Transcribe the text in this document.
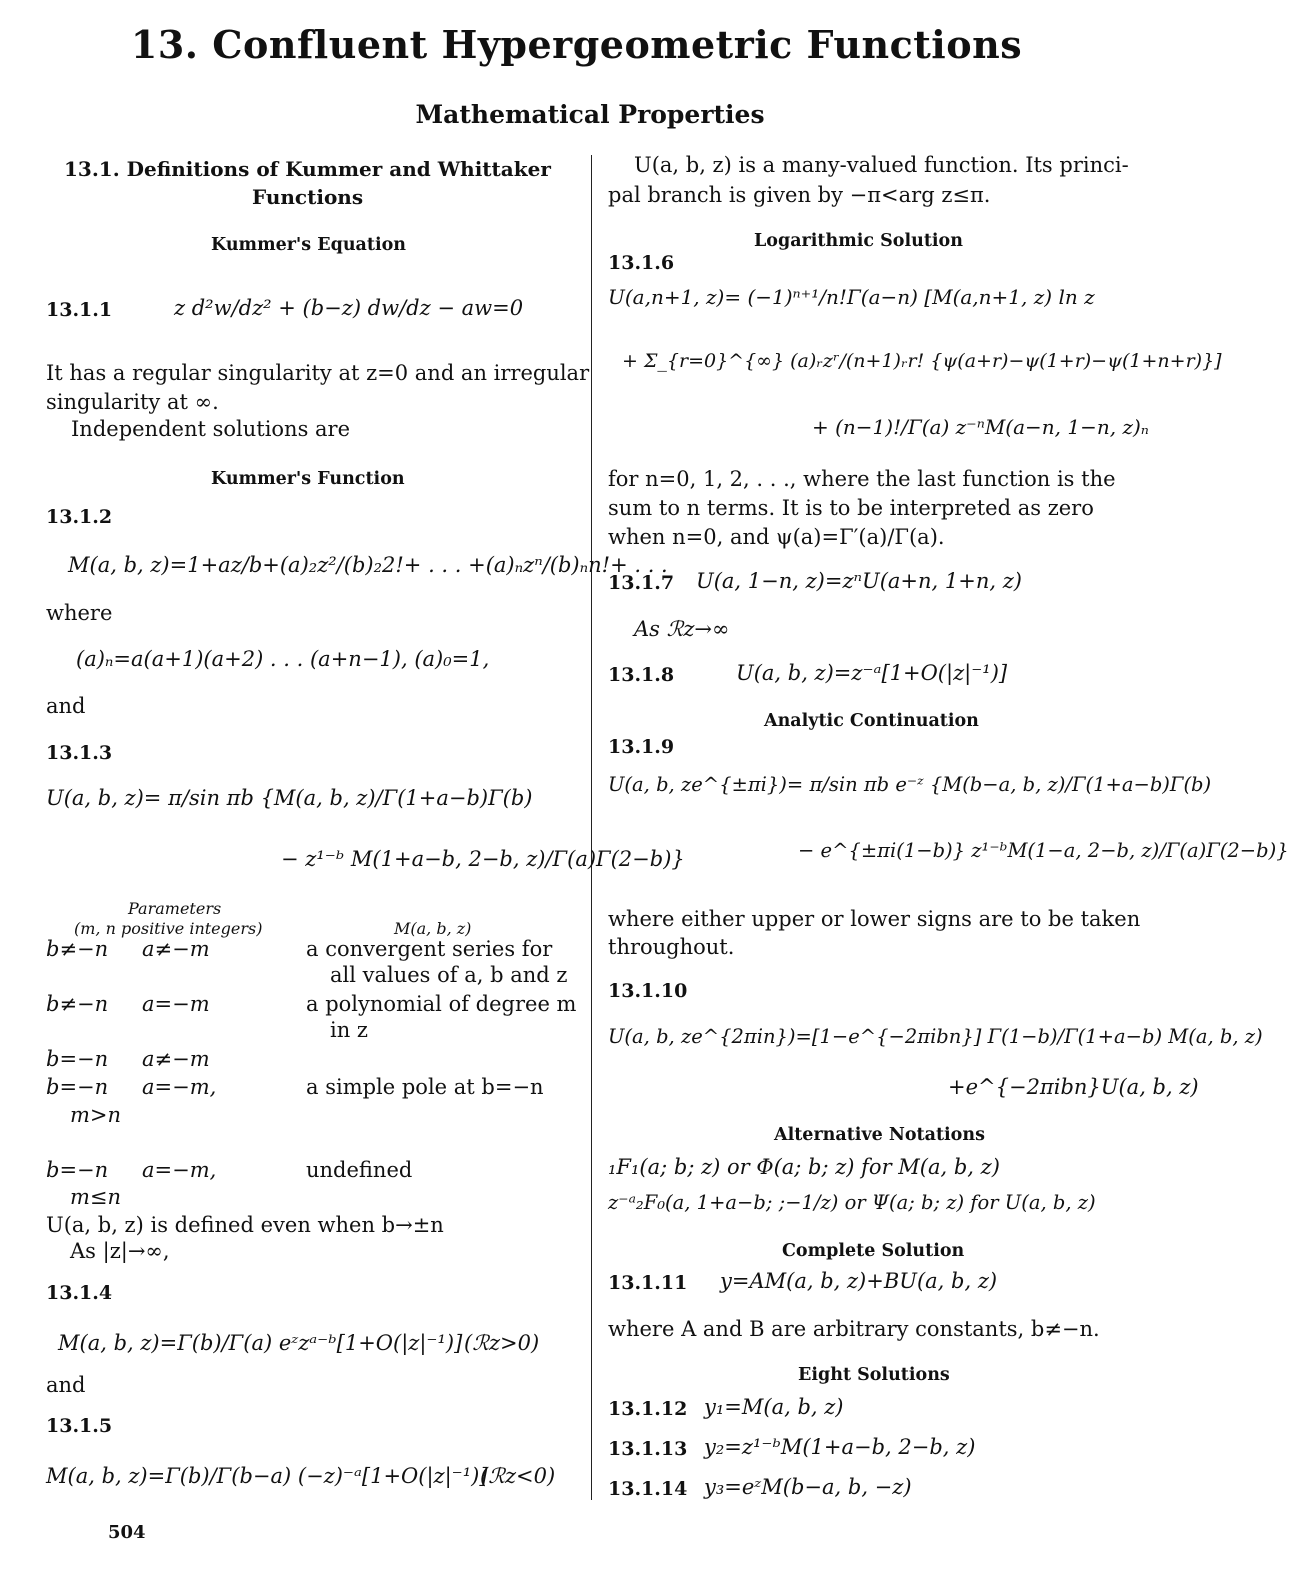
13. Confluent Hypergeometric Functions
Mathematical Properties
13.1. Definitions of Kummer and Whittaker
Functions
Kummer's Equation
13.1.1	z d²w/dz² + (b−z) dw/dz − aw=0
It has a regular singularity at z=0 and an irregular
singularity at ∞.
Independent solutions are
Kummer's Function
13.1.2
M(a, b, z)=1+az/b+(a)₂z²/(b)₂2!+ . . . +(a)ₙzⁿ/(b)ₙn!+ . . .
where
(a)ₙ=a(a+1)(a+2) . . . (a+n−1), (a)₀=1,
and
13.1.3
U(a, b, z)= π/sin πb {M(a, b, z)/Γ(1+a−b)Γ(b)
− z¹⁻ᵇ M(1+a−b, 2−b, z)/Γ(a)Γ(2−b)}
Parameters
(m, n positive integers)	M(a, b, z)
b≠−n a≠−m	a convergent series for
all values of a, b and z
b≠−n a=−m	a polynomial of degree m
in z
b=−n a≠−m
b=−n a=−m,	a simple pole at b=−n
m>n
b=−n a=−m,	undefined
m≤n
U(a, b, z) is defined even when b→±n
As |z|→∞,
13.1.4
M(a, b, z)=Γ(b)/Γ(a) eᶻzᵃ⁻ᵇ[1+O(|z|⁻¹)] (ℛz>0)
and
13.1.5
M(a, b, z)=Γ(b)/Γ(b−a) (−z)⁻ᵃ[1+O(|z|⁻¹)]
(ℛz<0)
U(a, b, z) is a many-valued function. Its princi-
pal branch is given by −π<arg z≤π.
Logarithmic Solution
13.1.6
U(a,n+1, z)= (−1)ⁿ⁺¹/n!Γ(a−n) [M(a,n+1, z) ln z
+ Σ_{r=0}^{∞} (a)ᵣzʳ/(n+1)ᵣr! {ψ(a+r)−ψ(1+r)−ψ(1+n+r)}]
+ (n−1)!/Γ(a) z⁻ⁿM(a−n, 1−n, z)ₙ
for n=0, 1, 2, . . ., where the last function is the
sum to n terms. It is to be interpreted as zero
when n=0, and ψ(a)=Γ′(a)/Γ(a).
13.1.7 U(a, 1−n, z)=zⁿU(a+n, 1+n, z)
As ℛz→∞
13.1.8	U(a, b, z)=z⁻ᵃ[1+O(|z|⁻¹)]
Analytic Continuation
13.1.9
U(a, b, ze^{±πi})= π/sin πb e⁻ᶻ {M(b−a, b, z)/Γ(1+a−b)Γ(b)
− e^{±πi(1−b)} z¹⁻ᵇM(1−a, 2−b, z)/Γ(a)Γ(2−b)}
where either upper or lower signs are to be taken
throughout.
13.1.10
U(a, b, ze^{2πin})=[1−e^{−2πibn}] Γ(1−b)/Γ(1+a−b) M(a, b, z)
+e^{−2πibn}U(a, b, z)
Alternative Notations
₁F₁(a; b; z) or Φ(a; b; z) for M(a, b, z)
z⁻ᵃ₂F₀(a, 1+a−b; ;−1/z) or Ψ(a; b; z) for U(a, b, z)
Complete Solution
13.1.11 y=AM(a, b, z)+BU(a, b, z)
where A and B are arbitrary constants, b≠−n.
Eight Solutions
13.1.12 y₁=M(a, b, z)
13.1.13 y₂=z¹⁻ᵇM(1+a−b, 2−b, z)
13.1.14 y₃=eᶻM(b−a, b, −z)
504
